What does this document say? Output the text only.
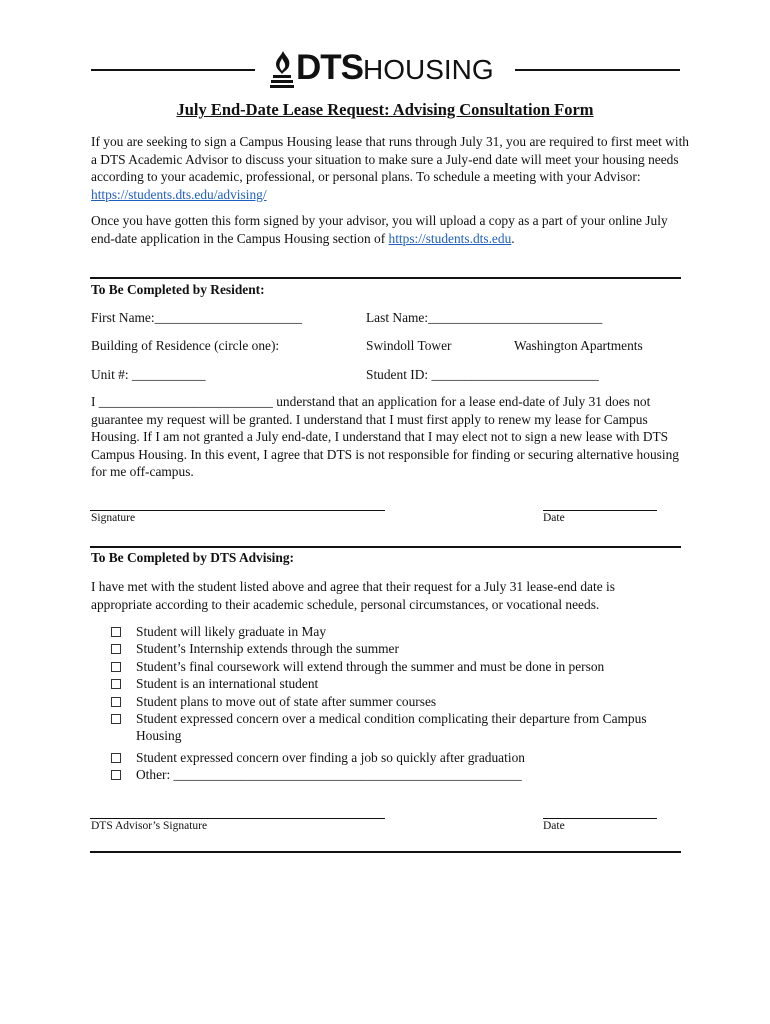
DTSHOUSING
July End-Date Lease Request: Advising Consultation Form
If you are seeking to sign a Campus Housing lease that runs through July 31, you are required to first meet with a DTS Academic Advisor to discuss your situation to make sure a July-end date will meet your housing needs according to your academic, professional, or personal plans. To schedule a meeting with your Advisor: https://students.dts.edu/advising/
Once you have gotten this form signed by your advisor, you will upload a copy as a part of your online July end-date application in the Campus Housing section of https://students.dts.edu.
To Be Completed by Resident:
First Name:______________________	Last Name:__________________________
Building of Residence (circle one):	Swindoll Tower	Washington Apartments
Unit #: ___________	Student ID: _________________________
I __________________________ understand that an application for a lease end-date of July 31 does not guarantee my request will be granted. I understand that I must first apply to renew my lease for Campus Housing. If I am not granted a July end-date, I understand that I may elect not to sign a new lease with DTS Campus Housing. In this event, I agree that DTS is not responsible for finding or securing alternative housing for me off-campus.
Signature	Date
To Be Completed by DTS Advising:
I have met with the student listed above and agree that their request for a July 31 lease-end date is appropriate according to their academic schedule, personal circumstances, or vocational needs.
Student will likely graduate in May
Student’s Internship extends through the summer
Student’s final coursework will extend through the summer and must be done in person
Student is an international student
Student plans to move out of state after summer courses
Student expressed concern over a medical condition complicating their departure from Campus Housing
Student expressed concern over finding a job so quickly after graduation
Other: ____________________________________________________
DTS Advisor’s Signature	Date
